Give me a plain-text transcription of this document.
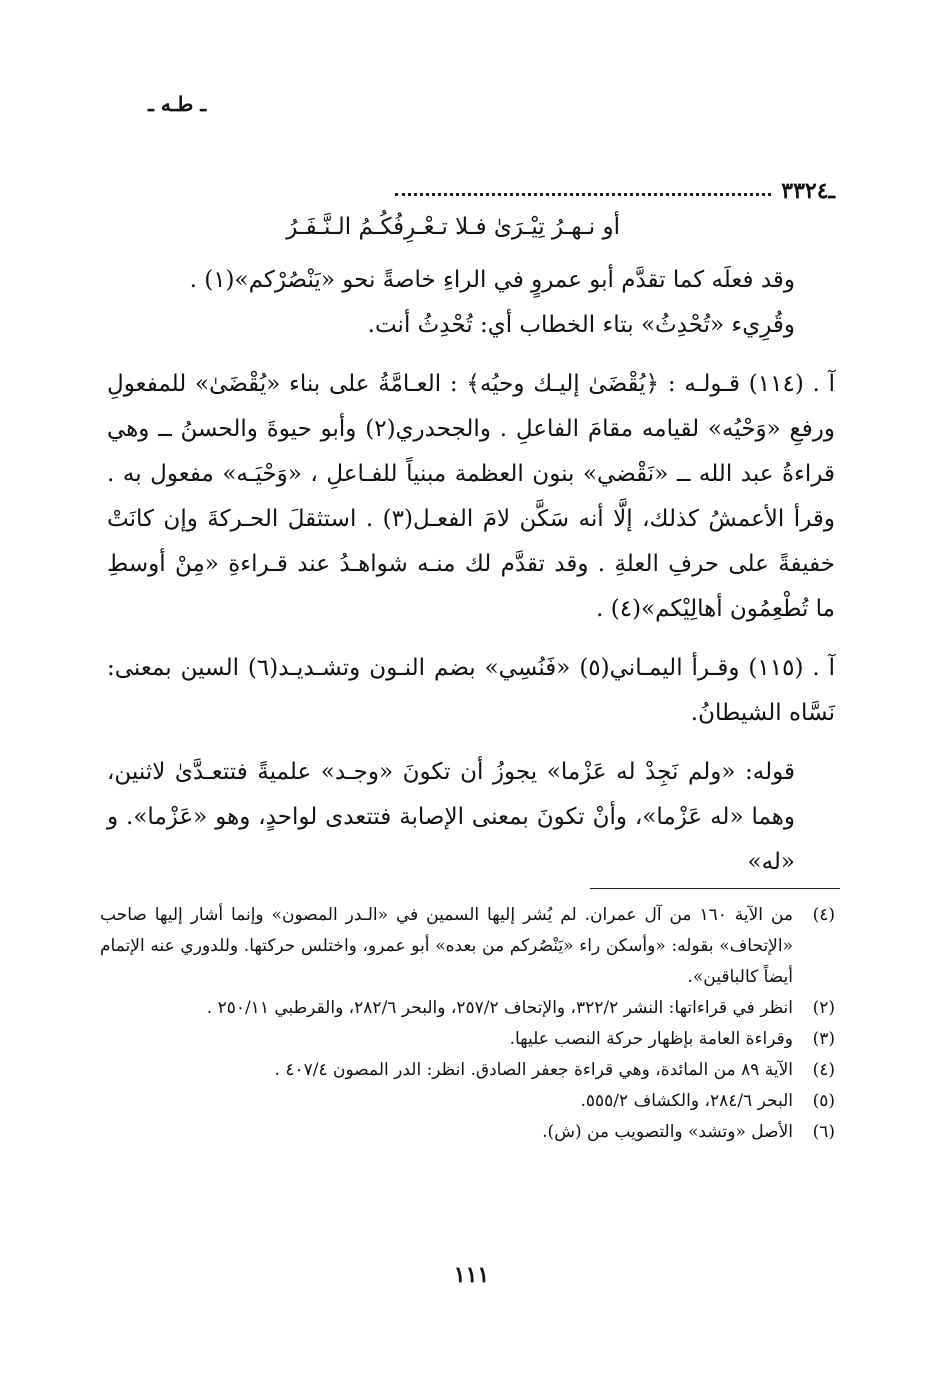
ـ طـه ـ
ـ٣٣٢٤

أو نـهـرُ تِيْـرَىٰ فـلا تـعْـرِفُكُـمُ الـنَّـفَـرُ

وقد فعلَه كما تقدَّم أبو عمروٍ في الراءِ خاصةً نحو «يَنْصُرْكم»(١) .

وقُرِيء «تُحْدِثُ» بتاء الخطاب أي: تُحْدِثُ أنت.

آ . (١١٤) قـولـه : ﴿يُقْضَىٰ إليـك وحيُه﴾ : العـامَّةُ على بناء «يُقْضَىٰ» للمفعولِ ورفعِ «وَحْيُه» لقيامه مقامَ الفاعلِ . والجحدري(٢) وأبو حيوةَ والحسنُ ــ وهي قراءةُ عبد الله ــ «نَقْضي» بنون العظمة مبنياً للفـاعلِ ، «وَحْيَـه» مفعول به . وقرأ الأعمشُ كذلك، إلَّا أنه سَكَّن لامَ الفعـل(٣) . استثقلَ الحـركةَ وإن كانَتْ خفيفةً على حرفِ العلةِ . وقد تقدَّم لك منـه شواهـدُ عند قـراءةِ «مِنْ أوسطِ ما تُطْعِمُون أهالِيْكم»(٤) .

آ . (١١٥) وقـرأ اليمـاني(٥) «فَنُسِي» بضم النـون وتشـديـد(٦) السين بمعنى: نَسَّاه الشيطانُ.

قوله: «ولم نَجِدْ له عَزْما» يجوزُ أن تكونَ «وجـد» علميةً فتتعـدَّىٰ لاثنين، وهما «له عَزْما»، وأنْ تكونَ بمعنى الإصابة فتتعدى لواحدٍ، وهو «عَزْما». و «له»

(٤)
من الآية ١٦٠ من آل عمران. لم يُشر إليها السمين في «الـدر المصون» وإنما أشار إليها صاحب «الإتحاف» بقوله: «وأسكن راء «يَنْصُركم من بعده» أبو عمرو، واختلس حركتها. وللدوري عنه الإتمام أيضاً كالباقين».
(٢)
انظر في قراءاتها: النشر ٣٢٢/٢، والإتحاف ٢٥٧/٢، والبحر ٢٨٢/٦، والقرطبي ٢٥٠/١١ .
(٣)
وقراءة العامة بإظهار حركة النصب عليها.
(٤)
الآية ٨٩ من المائدة، وهي قراءة جعفر الصادق. انظر: الدر المصون ٤٠٧/٤ .
(٥)
البحر ٢٨٤/٦، والكشاف ٥٥٥/٢.
(٦)
الأصل «وتشد» والتصويب من (ش).
١١١
